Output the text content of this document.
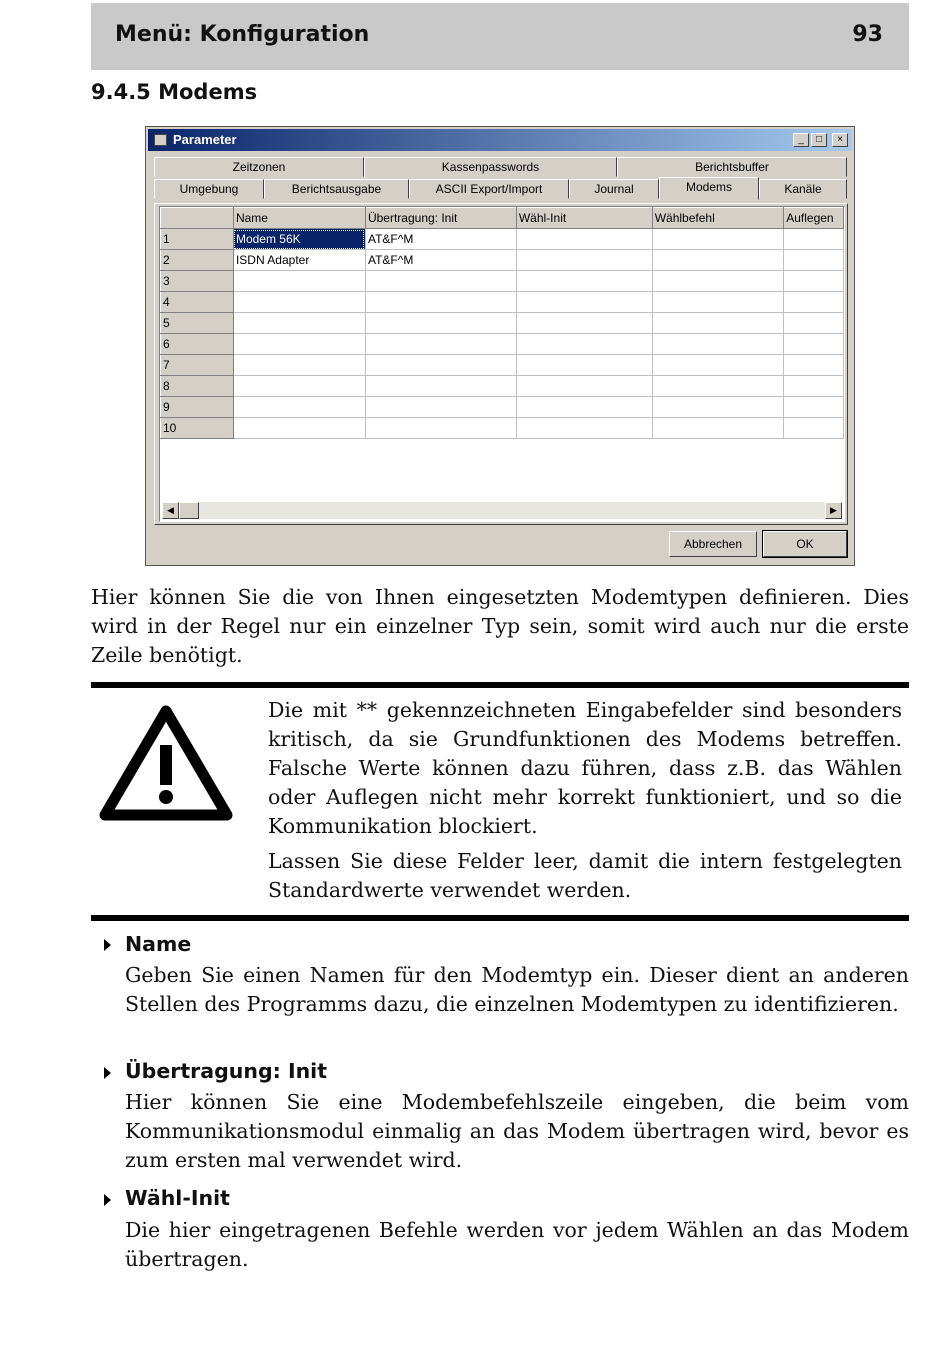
Menü: Konfiguration	93
9.4.5 Modems
Parameter	_	□	×
Zeitzonen	Kassenpasswords	Berichtsbuffer
Umgebung	Berichtsausgabe	ASCII Export/Import	Journal	Modems	Kanäle
	Name	Übertragung: Init	Wähl-Init	Wählbefehl	Auflegen
1	Modem 56K	AT&F^M			
2	ISDN Adapter	AT&F^M			
3					
4					
5					
6					
7					
8					
9					
10					
◀	▶
Abbrechen	OK
Hier können Sie die von Ihnen eingesetzten Modemtypen definieren. Dies wird in der Regel nur ein einzelner Typ sein, somit wird auch nur die erste Zeile benötigt.
Die mit ** gekennzeichneten Eingabefelder sind besonders kritisch, da sie Grundfunktionen des Modems betreffen. Falsche Werte können dazu führen, dass z.B. das Wählen oder Auflegen nicht mehr korrekt funktioniert, und so die Kommunikation blockiert.
Lassen Sie diese Felder leer, damit die intern festgelegten Standardwerte verwendet werden.
Name
Geben Sie einen Namen für den Modemtyp ein. Dieser dient an anderen Stellen des Programms dazu, die einzelnen Modemtypen zu identifizieren.
Übertragung: Init
Hier können Sie eine Modembefehlszeile eingeben, die beim vom Kommunikationsmodul einmalig an das Modem übertragen wird, bevor es zum ersten mal verwendet wird.
Wähl-Init
Die hier eingetragenen Befehle werden vor jedem Wählen an das Modem übertragen.
